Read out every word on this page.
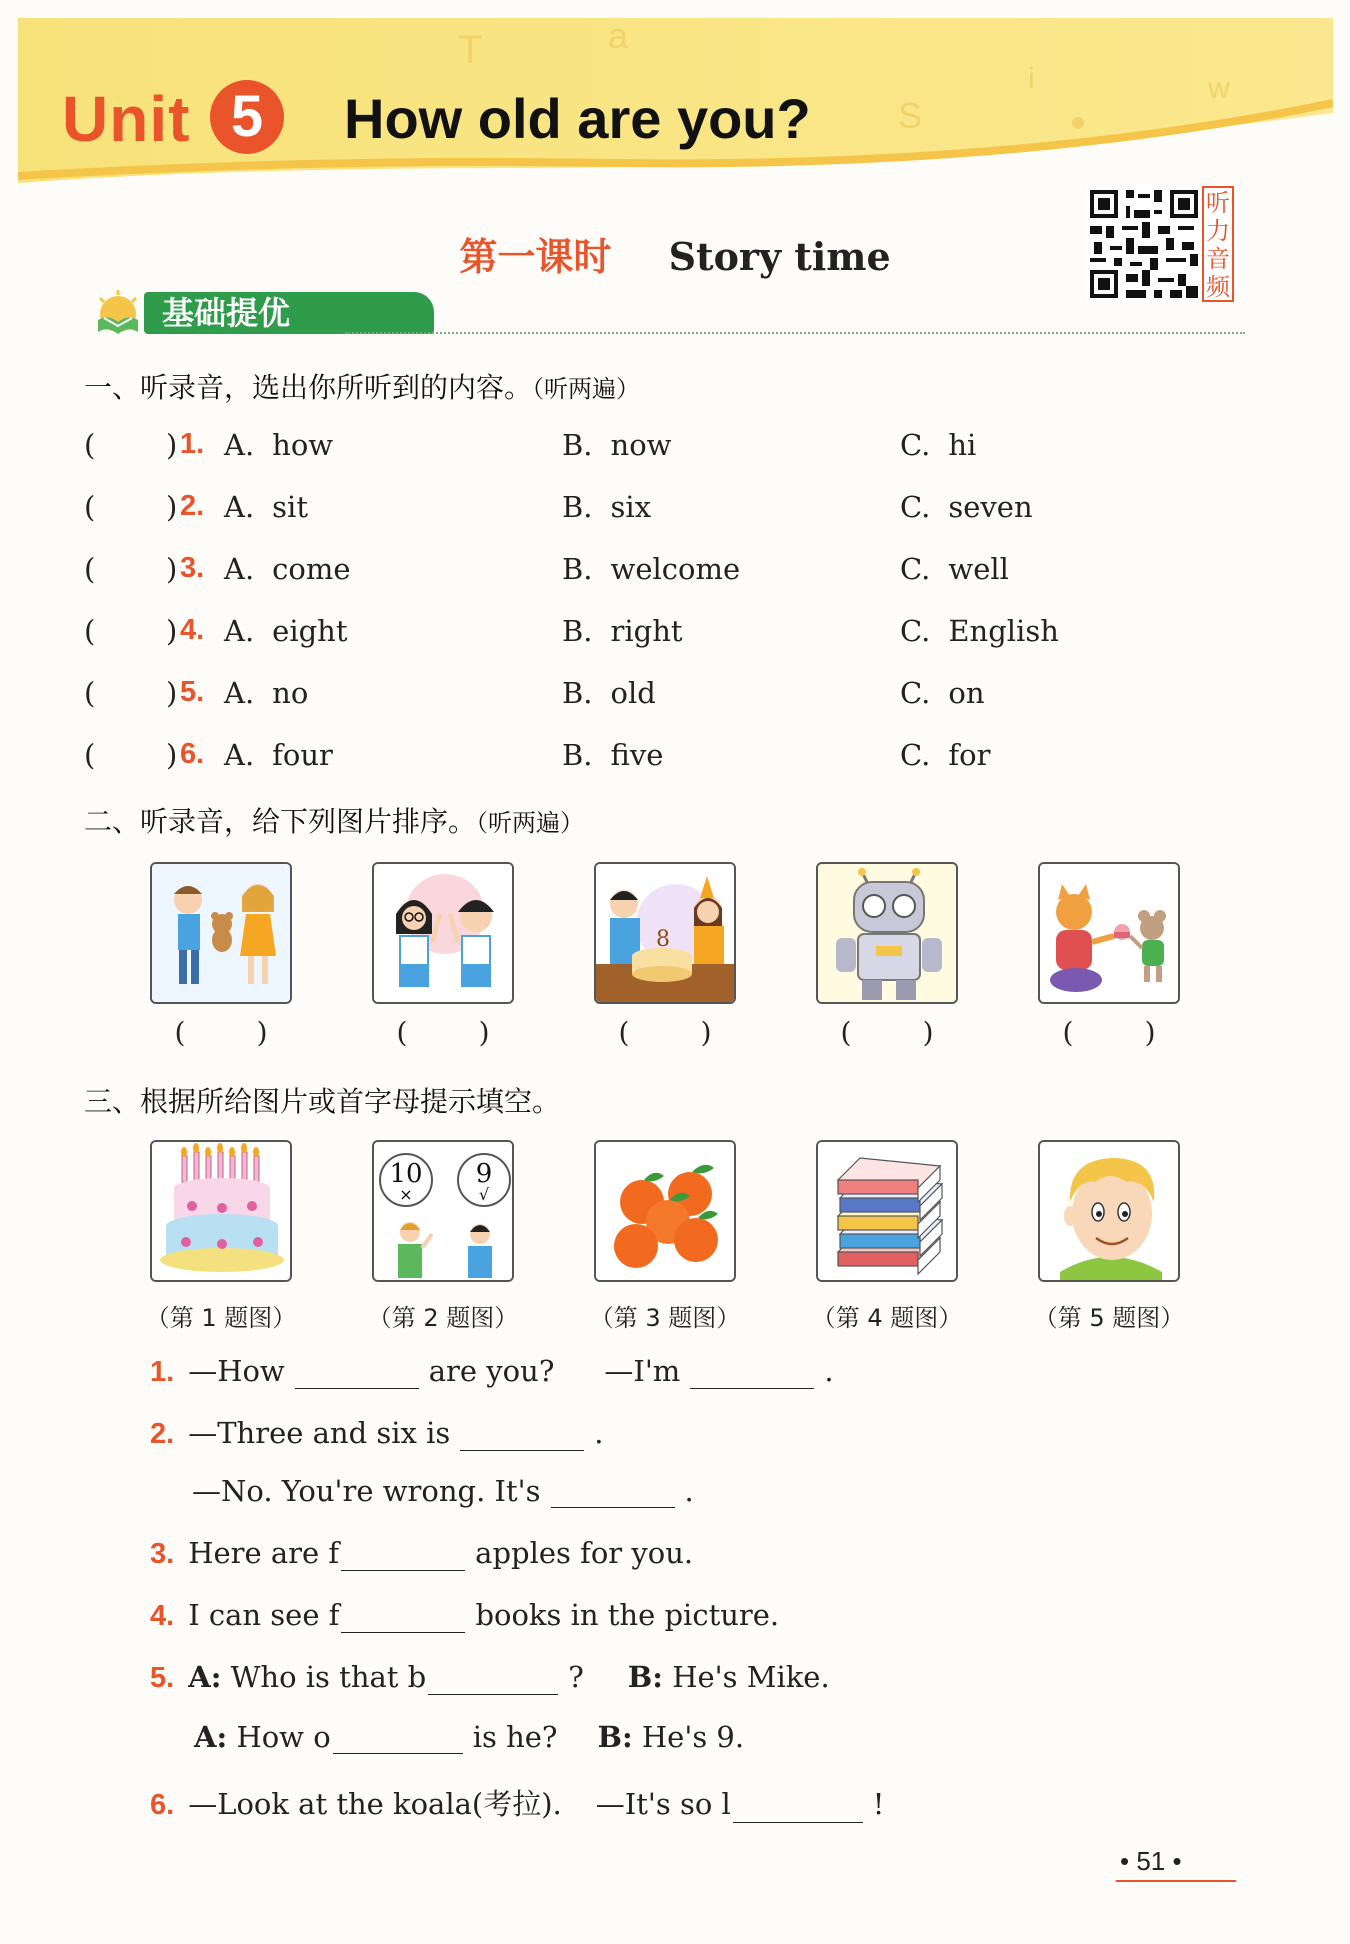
T	a
S
i	w
Unit 5	How old are you?
第一课时 Story time
听力音频
基础提优
一、听录音，选出你所听到的内容。（听两遍）
( ) 1. A. how	B. now	C. hi
( ) 2. A. sit	B. six	C. seven
( ) 3. A. come	B. welcome	C. well
( ) 4. A. eight	B. right	C. English
( ) 5. A. no	B. old	C. on
( ) 6. A. four	B. five	C. for
二、听录音，给下列图片排序。（听两遍）
8
(        )	(        )	(        )	(        )	(        )
三、根据所给图片或首字母提示填空。
10
×
9
√
（第 1 题图）	（第 2 题图）	（第 3 题图）	（第 4 题图）	（第 5 题图）
1. —How	are you? —I'm	.
2. —Three and six is	.
—No. You're wrong. It's	.
3. Here are f	apples for you.
4. I can see f	books in the picture.
5. A: Who is that b	? B: He's Mike.
A: How o	is he? B: He's 9.
6. —Look at the koala(考拉). —It's so l	!
• 51 •
